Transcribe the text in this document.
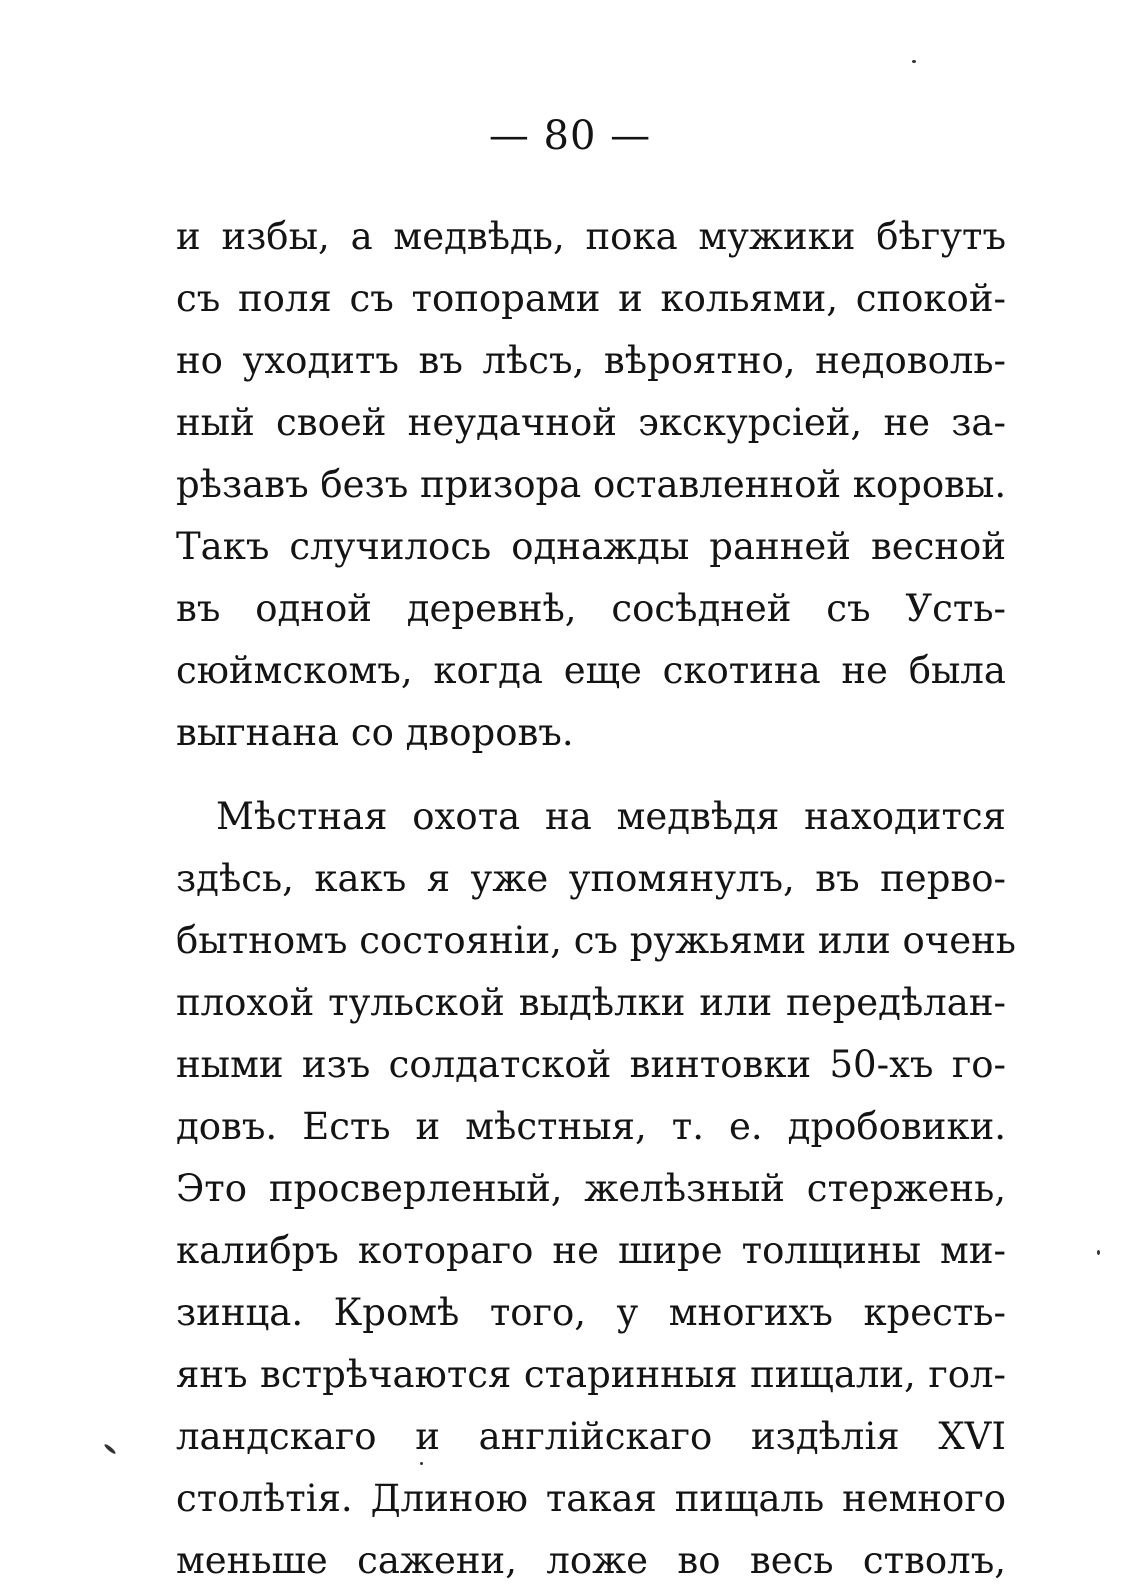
— 80 —
и избы, а медвѣдь, пока мужики бѣгутъ
съ поля съ топорами и кольями, спокой-
но уходитъ въ лѣсъ, вѣроятно, недоволь-
ный своей неудачной экскурсіей, не за-
рѣзавъ безъ призора оставленной коровы.
Такъ случилось однажды ранней весной
въ одной деревнѣ, сосѣдней съ Усть-
сюймскомъ, когда еще скотина не была
выгнана со дворовъ.
Мѣстная охота на медвѣдя находится
здѣсь, какъ я уже упомянулъ, въ перво-
бытномъ состояніи, съ ружьями или очень
плохой тульской выдѣлки или передѣлан-
ными изъ солдатской винтовки 50-хъ го-
довъ. Есть и мѣстныя, т. е. дробовики.
Это просверленый, желѣзный стержень,
калибръ котораго не шире толщины ми-
зинца. Кромѣ того, у многихъ кресть-
янъ встрѣчаются старинныя пищали, гол-
ландскаго и англійскаго издѣлія XVI
столѣтія. Длиною такая пищаль немного
меньше сажени, ложе во весь стволъ,
